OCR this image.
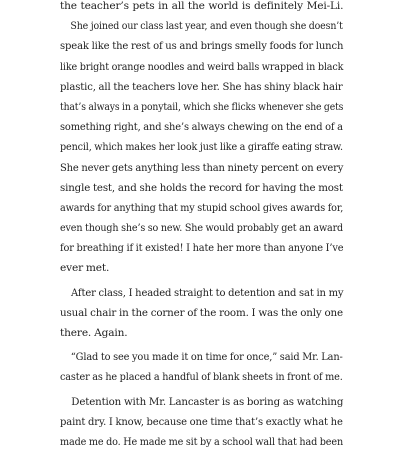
the teacher’s pets in all the world is definitely Mei-Li.
She joined our class last year, and even though she doesn’t
speak like the rest of us and brings smelly foods for lunch
like bright orange noodles and weird balls wrapped in black
plastic, all the teachers love her. She has shiny black hair
that’s always in a ponytail, which she flicks whenever she gets
something right, and she’s always chewing on the end of a
pencil, which makes her look just like a giraffe eating straw.
She never gets anything less than ninety percent on every
single test, and she holds the record for having the most
awards for anything that my stupid school gives awards for,
even though she’s so new. She would probably get an award
for breathing if it existed! I hate her more than anyone I’ve
ever met.
After class, I headed straight to detention and sat in my
usual chair in the corner of the room. I was the only one
there. Again.
“Glad to see you made it on time for once,” said Mr. Lan-
caster as he placed a handful of blank sheets in front of me.
Detention with Mr. Lancaster is as boring as watching
paint dry. I know, because one time that’s exactly what he
made me do. He made me sit by a school wall that had been
